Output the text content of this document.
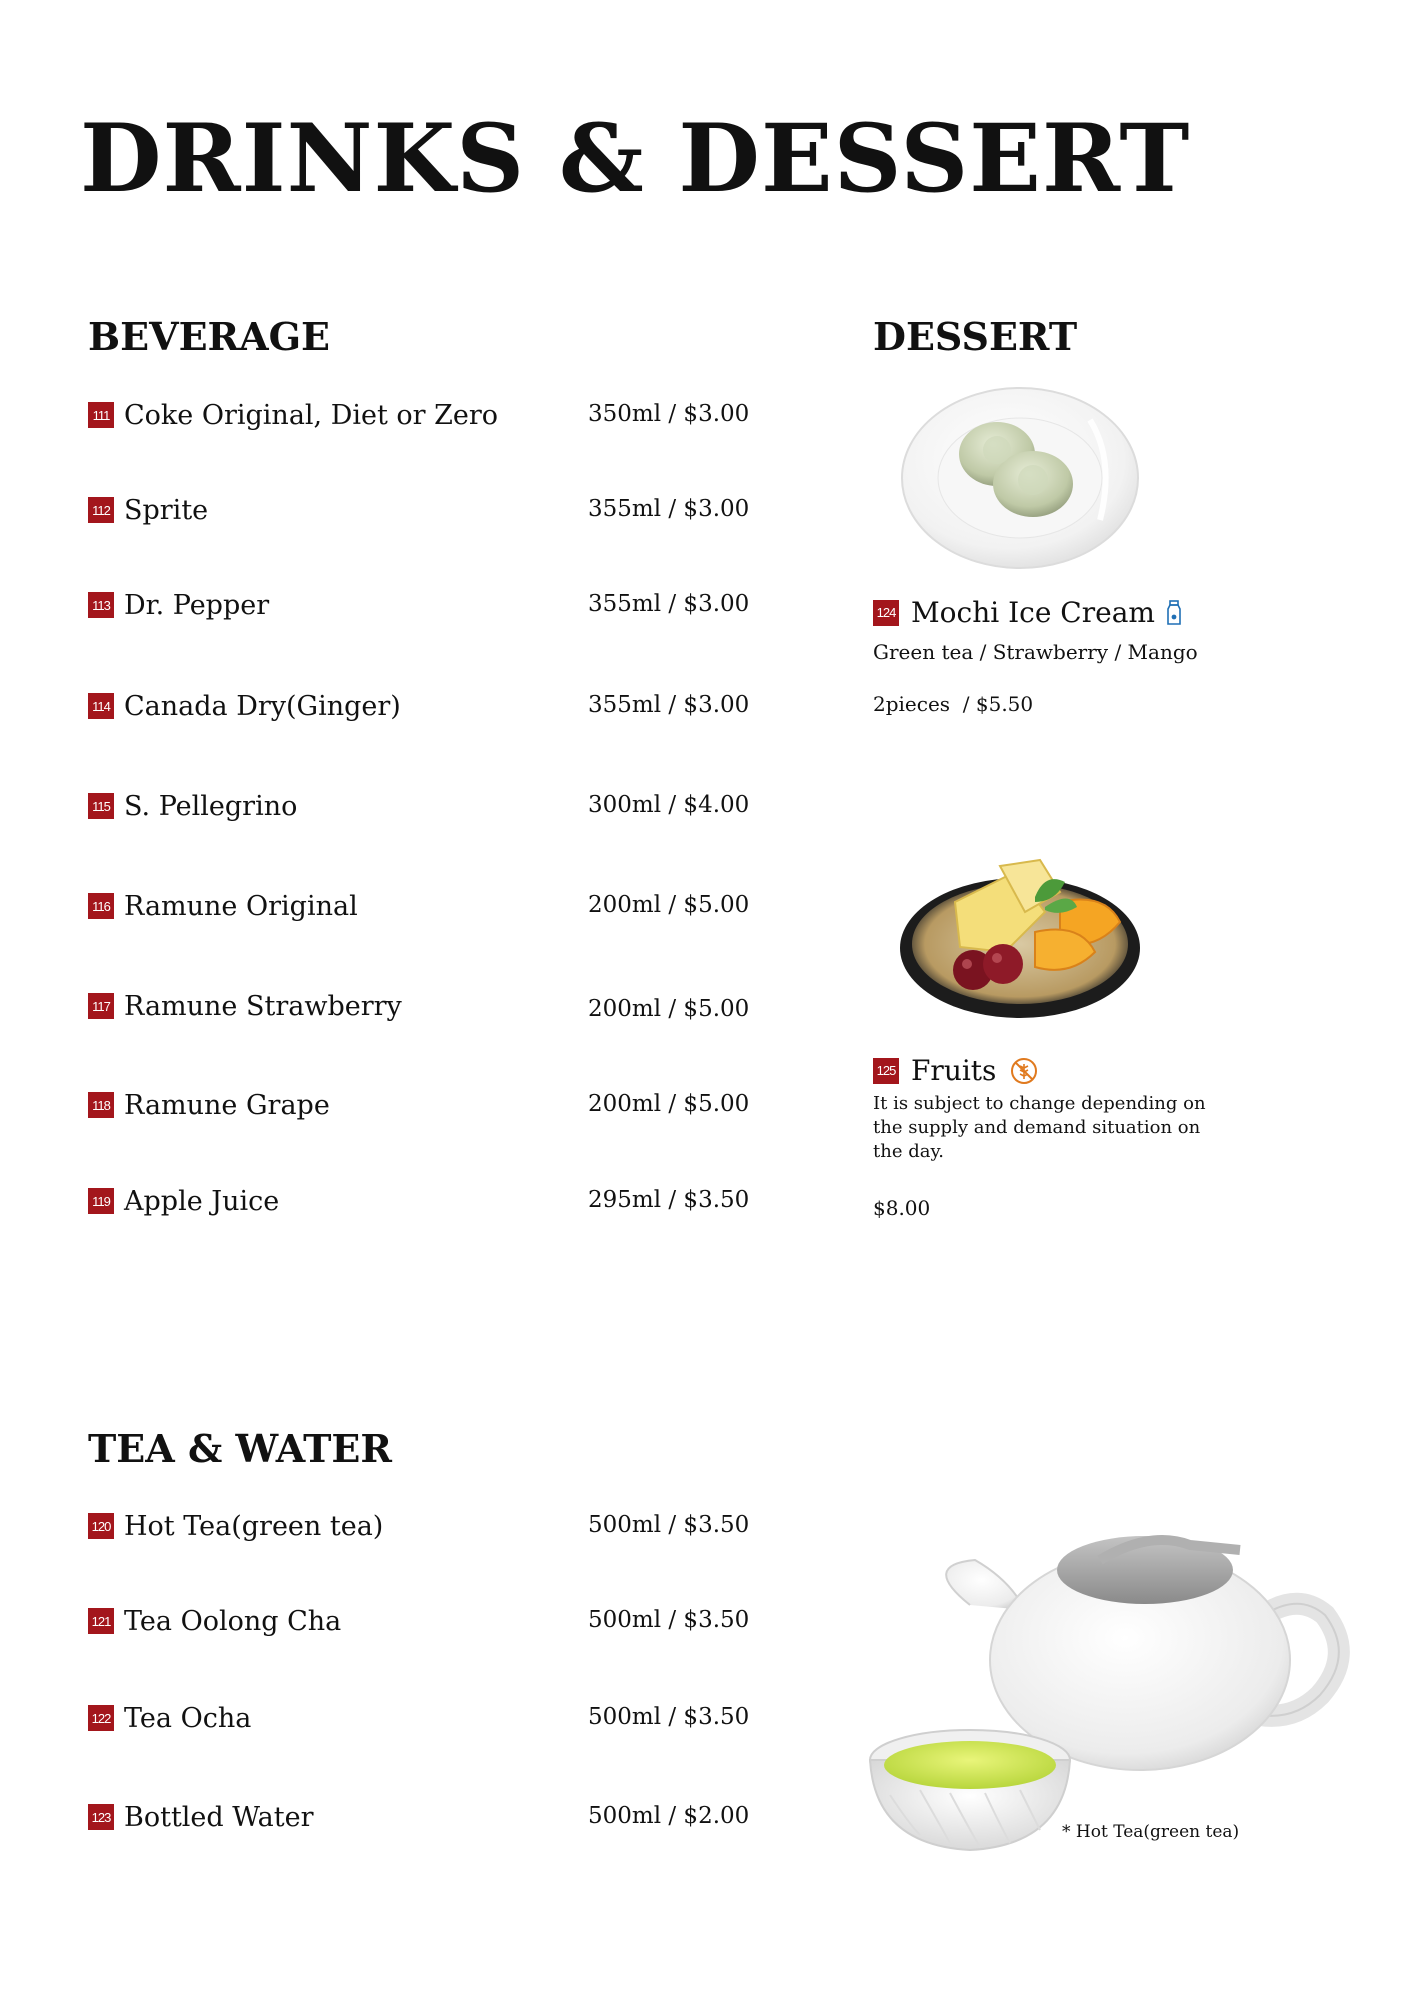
DRINKS & DESSERT
BEVERAGE
111 Coke Original, Diet or Zero	350ml / $3.00
112 Sprite	355ml / $3.00
113 Dr. Pepper	355ml / $3.00
114 Canada Dry(Ginger)	355ml / $3.00
115 S. Pellegrino	300ml / $4.00
116 Ramune Original	200ml / $5.00
117 Ramune Strawberry	200ml / $5.00
118 Ramune Grape	200ml / $5.00
119 Apple Juice	295ml / $3.50
TEA & WATER
120 Hot Tea(green tea)	500ml / $3.50
121 Tea Oolong Cha	500ml / $3.50
122 Tea Ocha	500ml / $3.50
123 Bottled Water	500ml / $2.00
DESSERT
124 Mochi Ice Cream
Green tea / Strawberry / Mango
2pieces  / $5.50
125 Fruits
It is subject to change depending on the supply and demand situation on the day.
$8.00
* Hot Tea(green tea)
